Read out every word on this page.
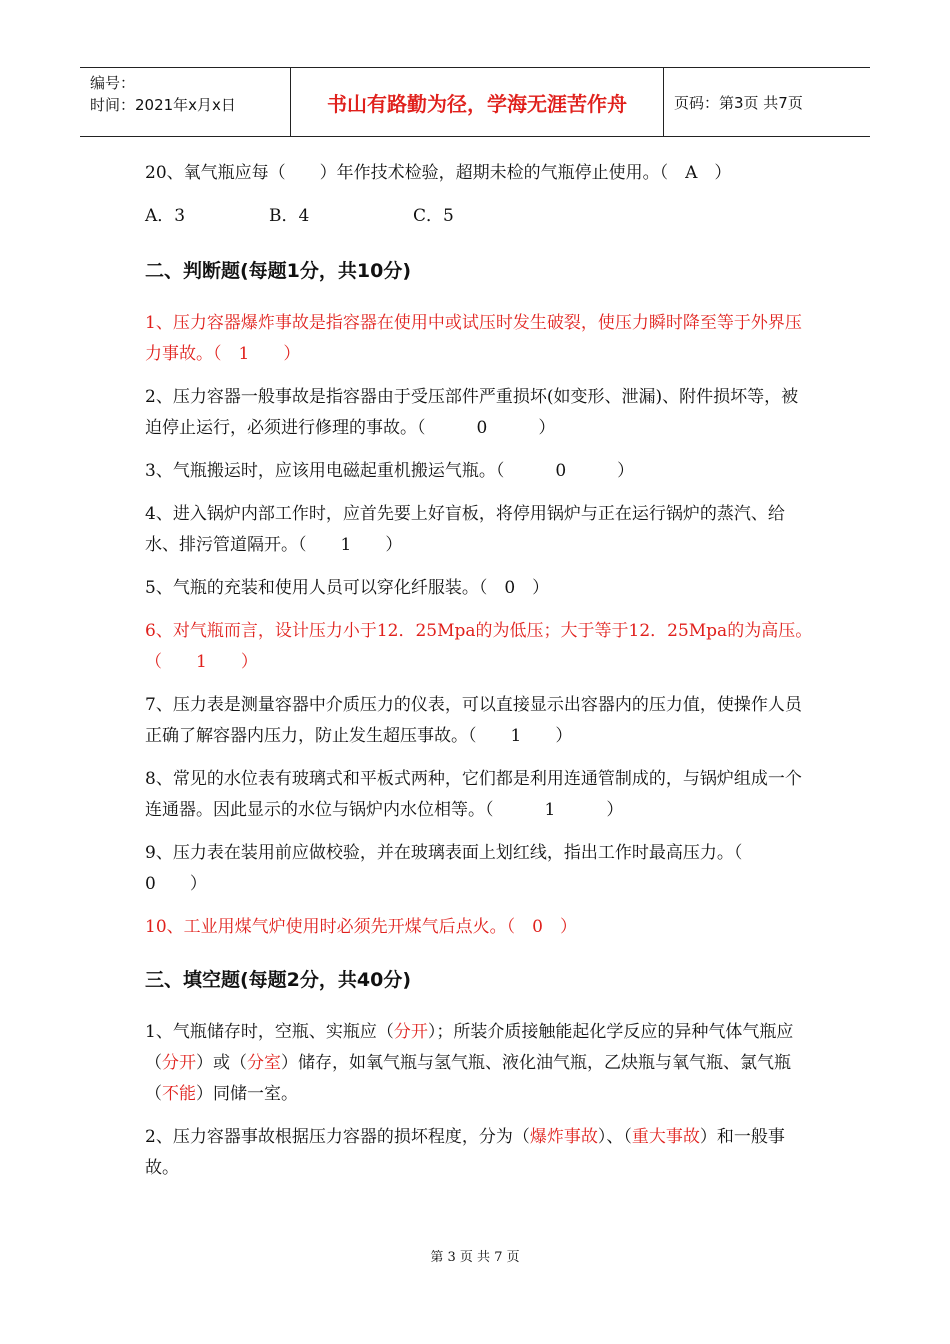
编号：
时间：2021年x月x日	书山有路勤为径，学海无涯苦作舟	页码：第3页 共7页

20、氧气瓶应每（　　）年作技术检验，超期未检的气瓶停止使用。（　A　）

A．3	B．4	C．5

二、判断题(每题1分，共10分)

1、压力容器爆炸事故是指容器在使用中或试压时发生破裂，使压力瞬时降至等于外界压力事故。（　1　　）

2、压力容器一般事故是指容器由于受压部件严重损坏(如变形、泄漏)、附件损坏等，被迫停止运行，必须进行修理的事故。（　　　0　　　）

3、气瓶搬运时，应该用电磁起重机搬运气瓶。（　　　0　　　）

4、进入锅炉内部工作时，应首先要上好盲板，将停用锅炉与正在运行锅炉的蒸汽、给水、排污管道隔开。（　　1　　）

5、气瓶的充装和使用人员可以穿化纤服装。（　0　）

6、对气瓶而言，设计压力小于12．25Mpa的为低压；大于等于12．25Mpa的为高压。（　　1　　）

7、压力表是测量容器中介质压力的仪表，可以直接显示出容器内的压力值，使操作人员正确了解容器内压力，防止发生超压事故。（　　1　　）

8、常见的水位表有玻璃式和平板式两种，它们都是利用连通管制成的，与锅炉组成一个连通器。因此显示的水位与锅炉内水位相等。（　　　1　　　）

9、压力表在装用前应做校验，并在玻璃表面上划红线，指出工作时最高压力。（　　0　　）

10、工业用煤气炉使用时必须先开煤气后点火。（　0　）

三、填空题(每题2分，共40分)

1、气瓶储存时，空瓶、实瓶应（分开）；所装介质接触能起化学反应的异种气体气瓶应（分开）或（分室）储存，如氧气瓶与氢气瓶、液化油气瓶，乙炔瓶与氧气瓶、氯气瓶（不能）同储一室。

2、压力容器事故根据压力容器的损坏程度，分为（爆炸事故）、（重大事故）和一般事故。

第 3 页 共 7 页
